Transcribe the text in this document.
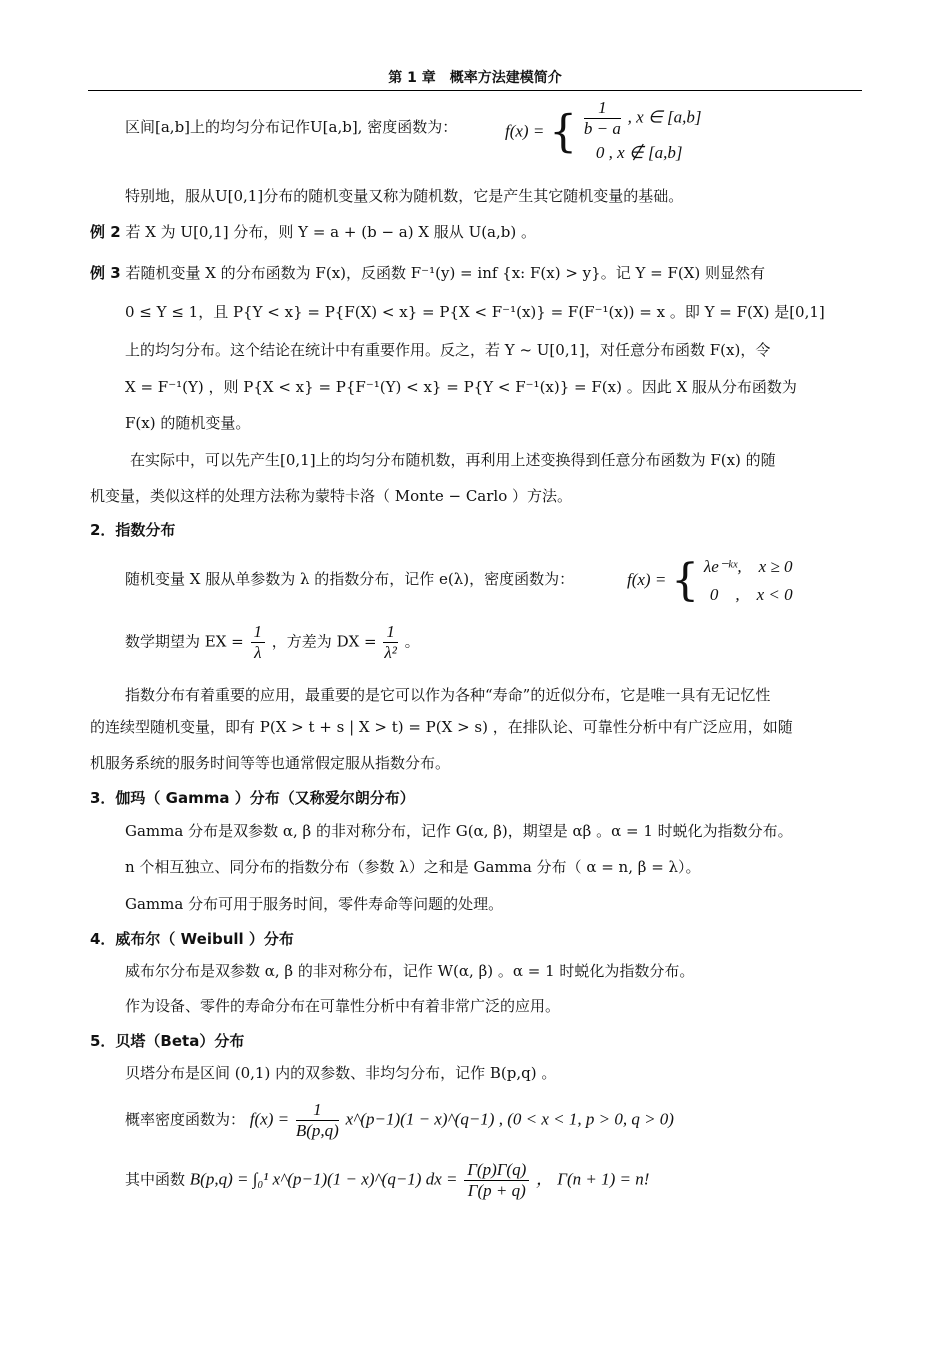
第 1 章　概率方法建模简介
区间[a,b]上的均匀分布记作U[a,b], 密度函数为：	f(x) = { $\frac{1}{b - a}$ , x ∈ [a,b]
0 , x ∉ [a,b]
特别地，服从U[0,1]分布的随机变量又称为随机数，它是产生其它随机变量的基础。
例 2 若 X 为 U[0,1] 分布，则 Y = a + (b − a) X 服从 U(a,b) 。
例 3 若随机变量 X 的分布函数为 F(x)，反函数 F⁻¹(y) = inf {x: F(x) > y}。记 Y = F(X) 则显然有
0 ≤ Y ≤ 1，且 P{Y < x} = P{F(X) < x} = P{X < F⁻¹(x)} = F(F⁻¹(x)) = x 。即 Y = F(X) 是[0,1]
上的均匀分布。这个结论在统计中有重要作用。反之，若 Y ~ U[0,1]，对任意分布函数 F(x)，令
X = F⁻¹(Y) ，则 P{X < x} = P{F⁻¹(Y) < x} = P{Y < F⁻¹(x)} = F(x) 。因此 X 服从分布函数为
F(x) 的随机变量。
在实际中，可以先产生[0,1]上的均匀分布随机数，再利用上述变换得到任意分布函数为 F(x) 的随
机变量，类似这样的处理方法称为蒙特卡洛（ Monte − Carlo ）方法。
2．指数分布
随机变量 X 服从单参数为 λ 的指数分布，记作 e(λ)，密度函数为：	f(x) = { λe⁻ᵏˣ,　x ≥ 0
0　,　x < 0
数学期望为 EX = $\frac{1}{\lambda}$ ，方差为 DX = $\frac{1}{\text{λ²}}$ 。
指数分布有着重要的应用，最重要的是它可以作为各种“寿命”的近似分布，它是唯一具有无记忆性
的连续型随机变量，即有 P(X > t + s | X > t) = P(X > s) ，在排队论、可靠性分析中有广泛应用，如随
机服务系统的服务时间等等也通常假定服从指数分布。
3．伽玛（ Gamma ）分布（又称爱尔朗分布）
Gamma 分布是双参数 α, β 的非对称分布，记作 G(α, β)，期望是 αβ 。α = 1 时蜕化为指数分布。
n 个相互独立、同分布的指数分布（参数 λ）之和是 Gamma 分布（ α = n, β = λ）。
Gamma 分布可用于服务时间，零件寿命等问题的处理。
4．威布尔（ Weibull ）分布
威布尔分布是双参数 α, β 的非对称分布，记作 W(α, β) 。α = 1 时蜕化为指数分布。
作为设备、零件的寿命分布在可靠性分析中有着非常广泛的应用。
5．贝塔（Beta）分布
贝塔分布是区间 (0,1) 内的双参数、非均匀分布，记作 B(p,q) 。
概率密度函数为： $f(x) = \frac{1}{B(p,q)}$ x^(p−1)(1 − x)^(q−1) , (0 < x < 1, p > 0, q > 0)
其中函数 B(p,q) = ∫₀¹ x^(p−1)(1 − x)^(q−1) dx = $\frac{\Gamma(p)\Gamma(q)}{\Gamma(p + q)}$ ， Γ(n + 1) = n!
